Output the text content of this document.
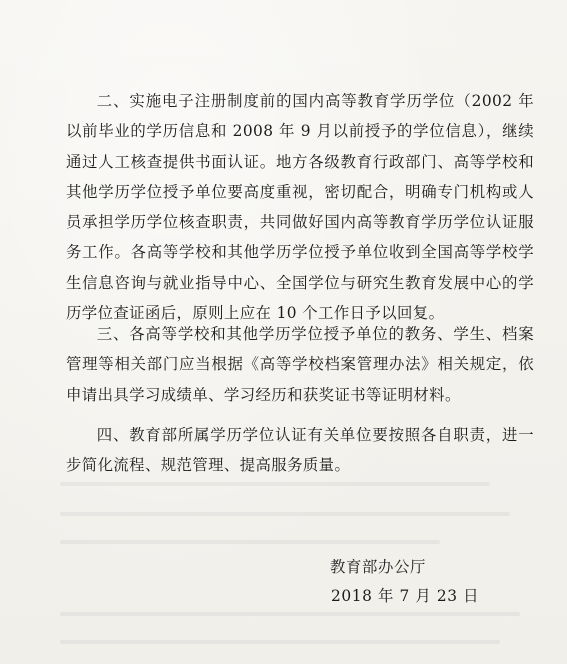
二、实施电子注册制度前的国内高等教育学历学位（2002 年以前毕业的学历信息和 2008 年 9 月以前授予的学位信息），继续通过人工核查提供书面认证。地方各级教育行政部门、高等学校和其他学历学位授予单位要高度重视，密切配合，明确专门机构或人员承担学历学位核查职责，共同做好国内高等教育学历学位认证服务工作。各高等学校和其他学历学位授予单位收到全国高等学校学生信息咨询与就业指导中心、全国学位与研究生教育发展中心的学历学位查证函后，原则上应在 10 个工作日予以回复。

三、各高等学校和其他学历学位授予单位的教务、学生、档案管理等相关部门应当根据《高等学校档案管理办法》相关规定，依申请出具学习成绩单、学习经历和获奖证书等证明材料。

四、教育部所属学历学位认证有关单位要按照各自职责，进一步简化流程、规范管理、提高服务质量。

教育部办公厅

2018 年 7 月 23 日
